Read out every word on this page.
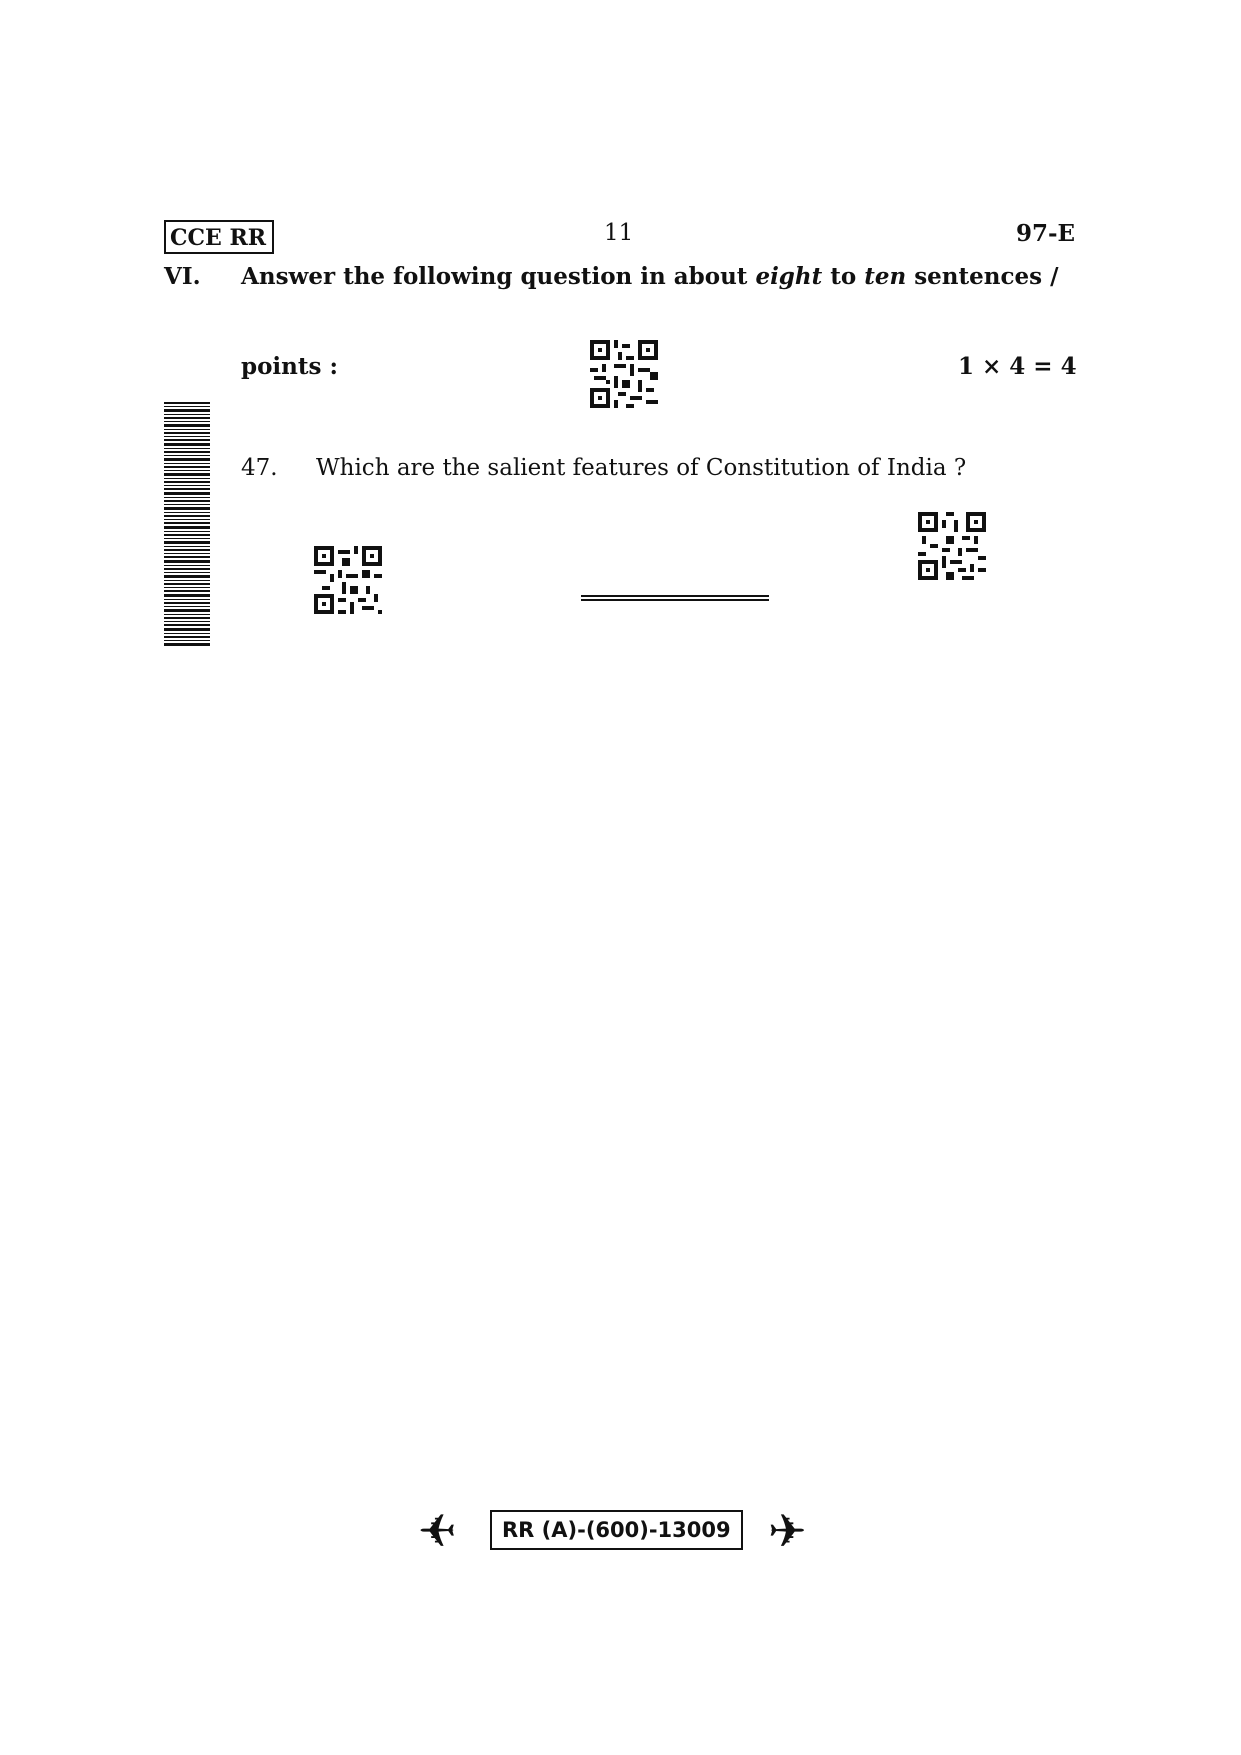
CCE RR	11	97-E
VI. Answer the following question in about eight to ten sentences /
points :	1 × 4 = 4
47. Which are the salient features of Constitution of India ?
✈	RR (A)-(600)-13009 ✈
